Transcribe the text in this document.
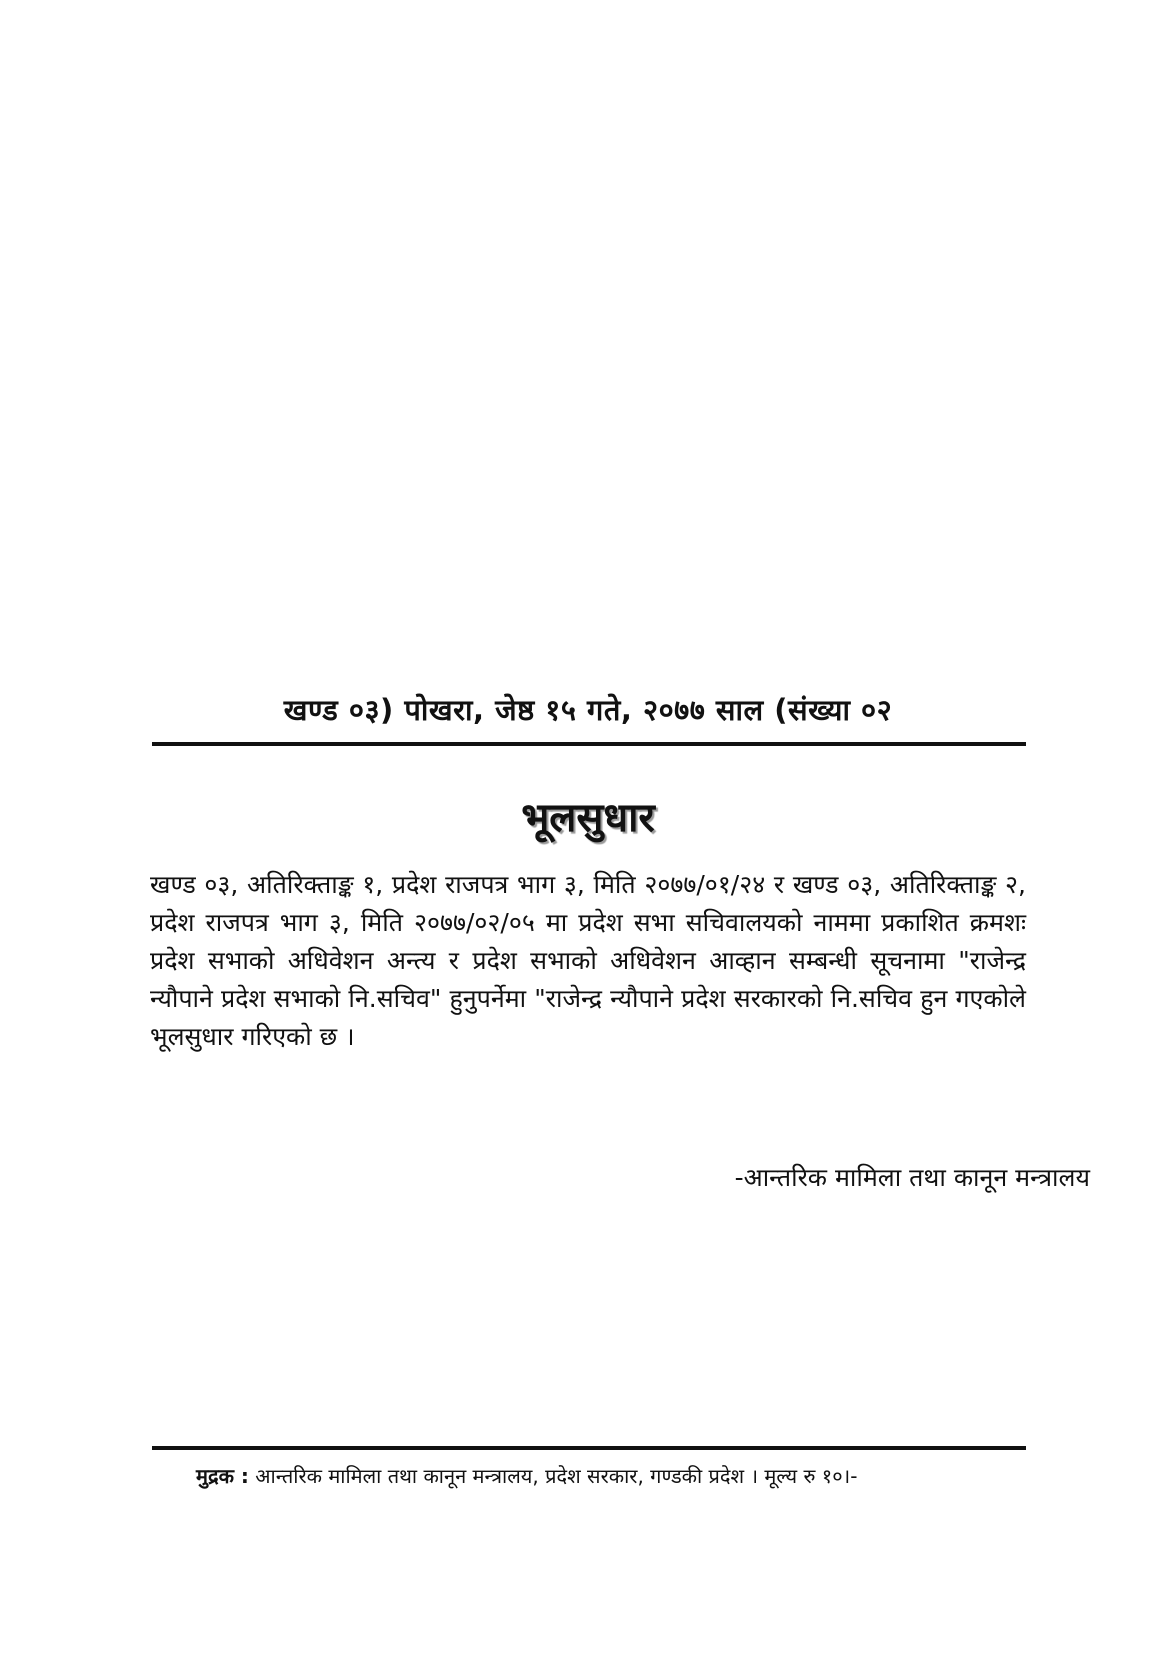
खण्ड ०३) पोखरा, जेष्ठ १५ गते, २०७७ साल (संख्या ०२
भूलसुधार
खण्ड ०३, अतिरिक्ताङ्क १, प्रदेश राजपत्र भाग ३, मिति २०७७/०१/२४ र खण्ड ०३, अतिरिक्ताङ्क २, प्रदेश राजपत्र भाग ३, मिति २०७७/०२/०५ मा प्रदेश सभा सचिवालयको नाममा प्रकाशित क्रमशः प्रदेश सभाको अधिवेशन अन्त्य र प्रदेश सभाको अधिवेशन आव्हान सम्बन्धी सूचनामा "राजेन्द्र न्यौपाने प्रदेश सभाको नि.सचिव" हुनुपर्नेमा "राजेन्द्र न्यौपाने प्रदेश सरकारको नि.सचिव हुन गएकोले भूलसुधार गरिएको छ ।
-आन्तरिक मामिला तथा कानून मन्त्रालय
मुद्रक : आन्तरिक मामिला तथा कानून मन्त्रालय, प्रदेश सरकार, गण्डकी प्रदेश । मूल्य रु १०।-
